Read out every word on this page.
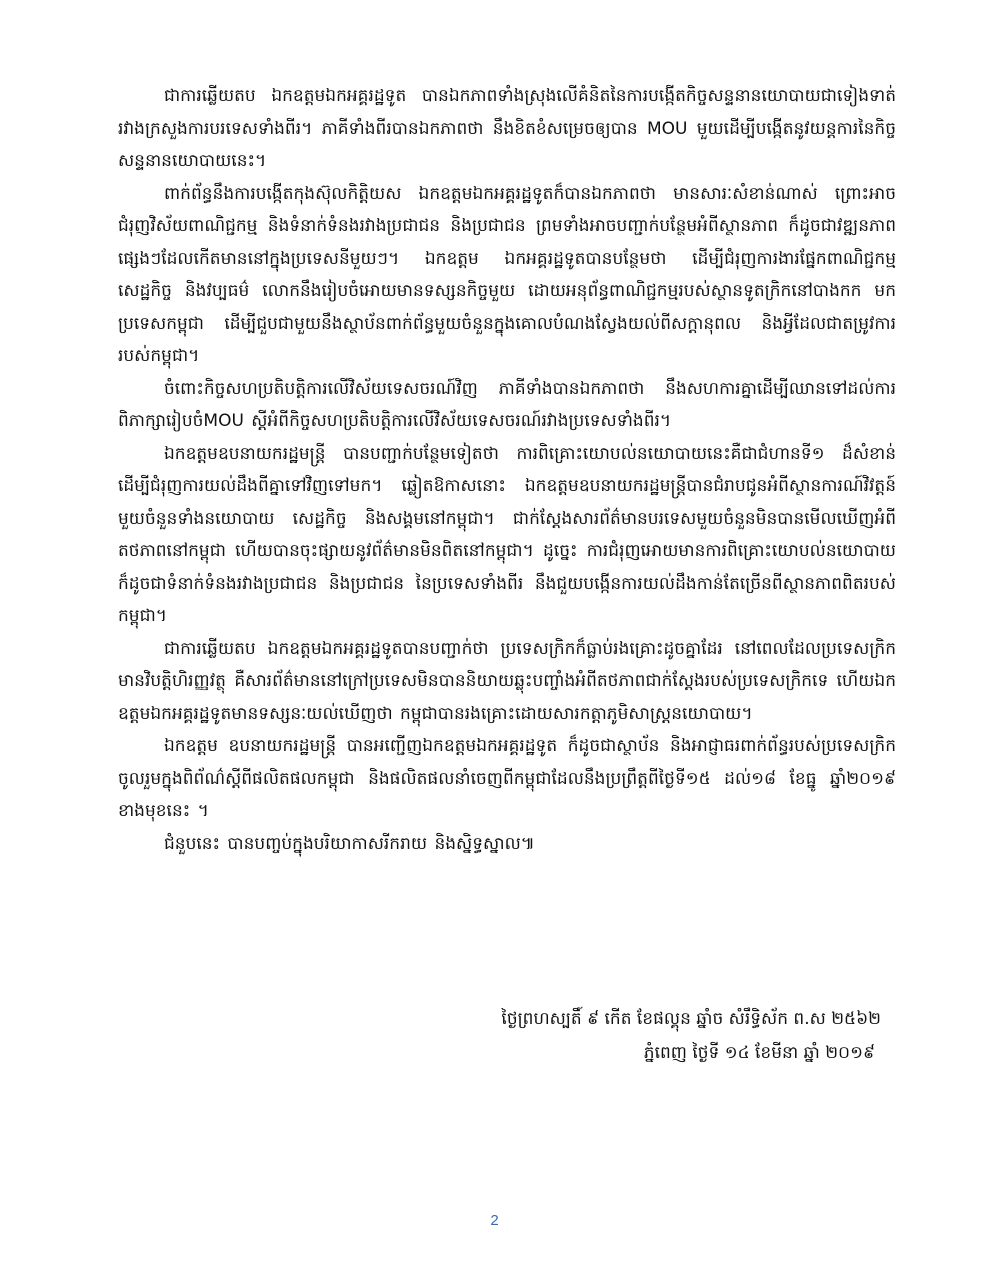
ជាការឆ្លើយតប ឯកឧត្តមឯកអគ្គរដ្ឋទូត បានឯកភាពទាំងស្រុងលើគំនិតនៃការបង្កើតកិច្ចសន្ទនានយោបាយជាទៀងទាត់រវាងក្រសួងការបរទេសទាំងពីរ។ ភាគីទាំងពីរបានឯកភាពថា នឹងខិតខំសម្រេចឲ្យបាន MOU មួយដើម្បីបង្កើតនូវយន្តការនៃកិច្ចសន្ទនានយោបាយនេះ។

ពាក់ព័ន្ធនឹងការបង្កើតកុងស៊ុលកិត្តិយស ឯកឧត្តមឯកអគ្គរដ្ឋទូតក៏បានឯកភាពថា មានសារៈសំខាន់ណាស់ ព្រោះអាចជំរុញវិស័យពាណិជ្ជកម្ម និងទំនាក់ទំនងរវាងប្រជាជន និងប្រជាជន ព្រមទាំងអាចបញ្ជាក់បន្ថែមអំពីស្ថានភាព ក៏ដូចជាវឌ្ឍនភាពផ្សេងៗដែលកើតមាននៅក្នុងប្រទេសនីមួយៗ។ ឯកឧត្តម ឯកអគ្គរដ្ឋទូតបានបន្ថែមថា ដើម្បីជំរុញការងារផ្នែកពាណិជ្ជកម្ម សេដ្ឋកិច្ច និងវប្បធម៌ លោកនឹងរៀបចំអោយមានទស្សនកិច្ចមួយ ដោយអនុព័ន្ធពាណិជ្ជកម្មរបស់ស្ថានទូតក្រិកនៅបាងកក មកប្រទេសកម្ពុជា ដើម្បីជួបជាមួយនឹងស្ថាប័នពាក់ព័ន្ធមួយចំនួនក្នុងគោលបំណងស្វែងយល់ពីសក្តានុពល និងអ្វីដែលជាតម្រូវការរបស់កម្ពុជា។

ចំពោះកិច្ចសហប្រតិបត្តិការលើវិស័យទេសចរណ៍វិញ ភាគីទាំងបានឯកភាពថា នឹងសហការគ្នាដើម្បីឈានទៅដល់ការពិភាក្សារៀបចំMOU ស្តីអំពីកិច្ចសហប្រតិបត្តិការលើវិស័យទេសចរណ៍រវាងប្រទេសទាំងពីរ។

ឯកឧត្តមឧបនាយករដ្ឋមន្រ្តី បានបញ្ជាក់បន្ថែមទៀតថា ការពិគ្រោះយោបល់នយោបាយនេះគឺជាជំហានទី១ ដ៏សំខាន់ដើម្បីជំរុញការយល់ដឹងពីគ្នាទៅវិញទៅមក។ ឆ្លៀតឱកាសនោះ ឯកឧត្តមឧបនាយករដ្ឋមន្ត្រីបានជំរាបជូនអំពីស្ថានការណ៍វិវត្តន៍មួយចំនួនទាំងនយោបាយ សេដ្ឋកិច្ច និងសង្គមនៅកម្ពុជា។ ជាក់ស្តែងសារព័ត៌មានបរទេសមួយចំនួនមិនបានមើលឃើញអំពីតថភាពនៅកម្ពុជា ហើយបានចុះផ្សាយនូវព័ត៌មានមិនពិតនៅកម្ពុជា។ ដូច្នេះ ការជំរុញអោយមានការពិគ្រោះយោបល់នយោបាយ ក៏ដូចជាទំនាក់ទំនងរវាងប្រជាជន និងប្រជាជន នៃប្រទេសទាំងពីរ នឹងជួយបង្កើនការយល់ដឹងកាន់តែច្រើនពីស្ថានភាពពិតរបស់កម្ពុជា។

ជាការឆ្លើយតប ឯកឧត្តមឯកអគ្គរដ្ឋទូតបានបញ្ជាក់ថា ប្រទេសក្រិកក៏ធ្លាប់រងគ្រោះដូចគ្នាដែរ នៅពេលដែលប្រទេសក្រិកមានវិបត្តិហិរញ្ញវត្ថុ គឺសារព័ត៌មាននៅក្រៅប្រទេសមិនបាននិយាយឆ្លុះបញ្ចាំងអំពីតថភាពជាក់ស្តែងរបស់ប្រទេសក្រិកទេ ហើយឯកឧត្តមឯកអគ្គរដ្ឋទូតមានទស្សនៈយល់ឃើញថា កម្ពុជាបានរងគ្រោះដោយសារកត្តាភូមិសាស្រ្តនយោបាយ។

ឯកឧត្តម ឧបនាយករដ្ឋមន្រ្តី បានអញ្ជើញឯកឧត្តមឯកអគ្គរដ្ឋទូត ក៏ដូចជាស្ថាប័ន និងអាជ្ញាធរពាក់ព័ន្ធរបស់ប្រទេសក្រិក ចូលរួមក្នុងពិព័ណ៌ស្តីពីផលិតផលកម្ពុជា និងផលិតផលនាំចេញពីកម្ពុជាដែលនឹងប្រព្រឹត្តពីថ្ងៃទី១៥ ដល់១៨ ខែធ្នូ ឆ្នាំ២០១៩ ខាងមុខនេះ ។

ជំនួបនេះ បានបញ្ចប់ក្នុងបរិយាកាសរីករាយ និងស្និទ្ធស្នាល៕

ថ្ងៃព្រហស្បតិ៍ ៩ កើត ខែផល្គុន ឆ្នាំច សំរឹទ្ធិស័ក ព.ស ២៥៦២
ភ្នំពេញ ថ្ងៃទី ១៤ ខែមីនា ឆ្នាំ ២០១៩
2
